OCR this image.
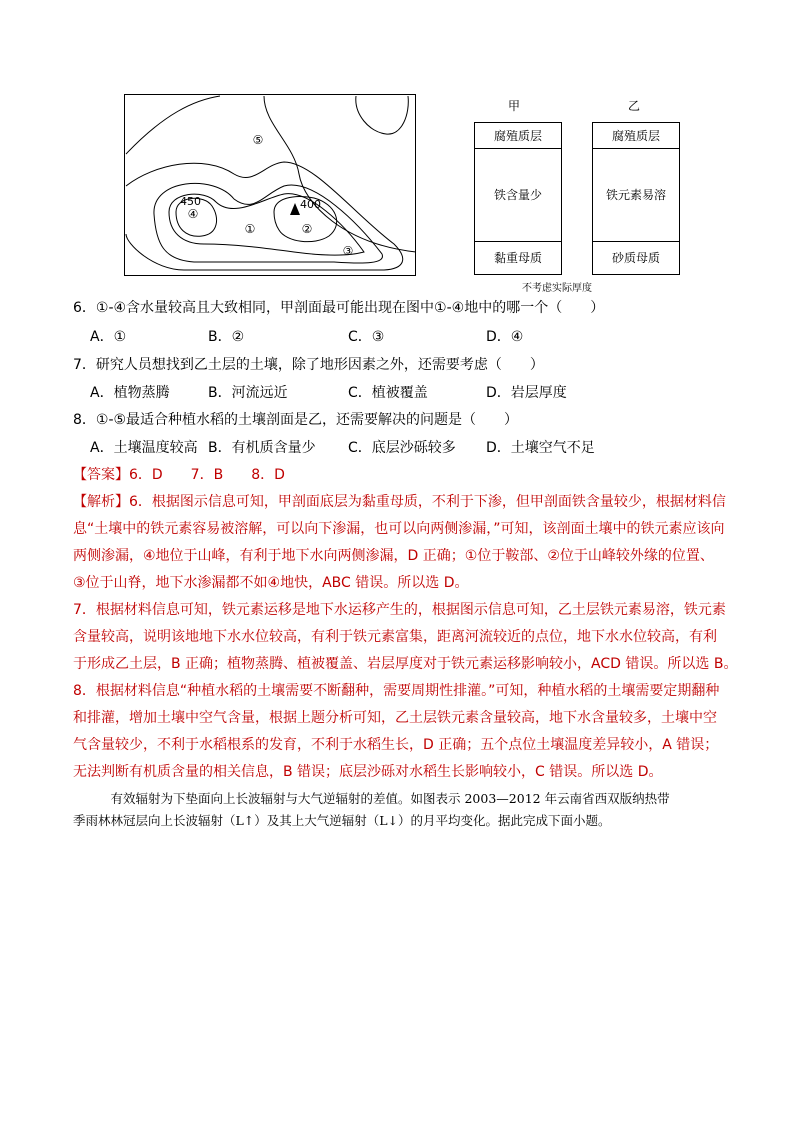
⑤
450
④
①
400
②
③
甲
腐殖质层
铁含量少
黏重母质
乙
腐殖质层
铁元素易溶
砂质母质
不考虑实际厚度
6．①-④含水量较高且大致相同，甲剖面最可能出现在图中①-④地中的哪一个（　　）
A．①	B．②	C．③	D．④
7．研究人员想找到乙土层的土壤，除了地形因素之外，还需要考虑（　　）
A．植物蒸腾	B．河流远近	C．植被覆盖	D．岩层厚度
8．①-⑤最适合种植水稻的土壤剖面是乙，还需要解决的问题是（　　）
A．土壤温度较高 B．有机质含量少 C．底层沙砾较多 D．土壤空气不足
【答案】6．D　　7．B　　8．D
【解析】6．根据图示信息可知，甲剖面底层为黏重母质，不利于下渗，但甲剖面铁含量较少，根据材料信
息“土壤中的铁元素容易被溶解，可以向下渗漏，也可以向两侧渗漏，”可知，该剖面土壤中的铁元素应该向
两侧渗漏，④地位于山峰，有利于地下水向两侧渗漏，D 正确；①位于鞍部、②位于山峰较外缘的位置、
③位于山脊，地下水渗漏都不如④地快，ABC 错误。所以选 D。
7．根据材料信息可知，铁元素运移是地下水运移产生的，根据图示信息可知，乙土层铁元素易溶，铁元素
含量较高，说明该地地下水水位较高，有利于铁元素富集，距离河流较近的点位，地下水水位较高，有利
于形成乙土层，B 正确；植物蒸腾、植被覆盖、岩层厚度对于铁元素运移影响较小，ACD 错误。所以选 B。
8．根据材料信息“种植水稻的土壤需要不断翻种，需要周期性排灌。”可知，种植水稻的土壤需要定期翻种
和排灌，增加土壤中空气含量，根据上题分析可知，乙土层铁元素含量较高，地下水含量较多，土壤中空
气含量较少，不利于水稻根系的发育，不利于水稻生长，D 正确；五个点位土壤温度差异较小，A 错误；
无法判断有机质含量的相关信息，B 错误；底层沙砾对水稻生长影响较小，C 错误。所以选 D。
　　　有效辐射为下垫面向上长波辐射与大气逆辐射的差值。如图表示 2003—2012 年云南省西双版纳热带
季雨林林冠层向上长波辐射（L↑）及其上大气逆辐射（L↓）的月平均变化。据此完成下面小题。
